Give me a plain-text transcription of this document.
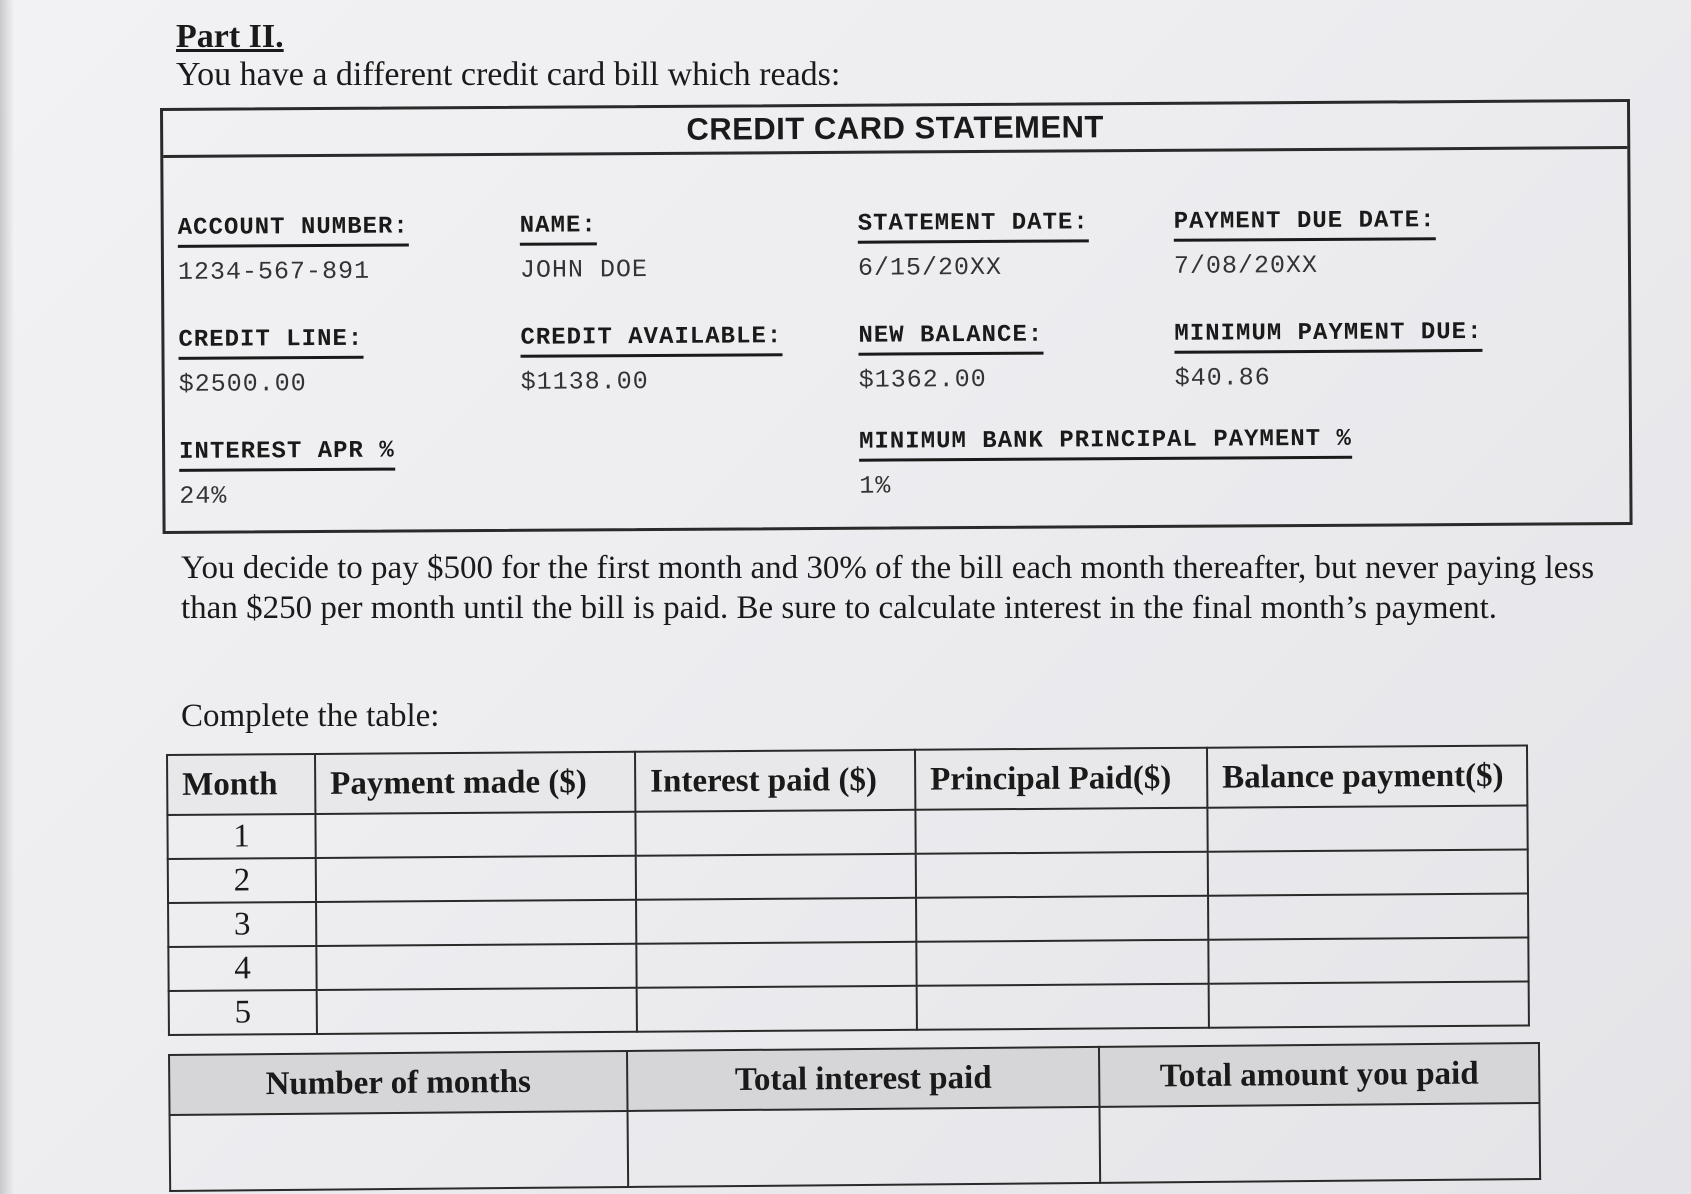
Part II.
You have a different credit card bill which reads:
CREDIT CARD STATEMENT
ACCOUNT NUMBER:
1234-567-891
NAME:
JOHN DOE
STATEMENT DATE:
6/15/20XX
PAYMENT DUE DATE:
7/08/20XX
CREDIT LINE:
$2500.00
CREDIT AVAILABLE:
$1138.00
NEW BALANCE:
$1362.00
MINIMUM PAYMENT DUE:
$40.86
INTEREST APR %
24%
MINIMUM BANK PRINCIPAL PAYMENT %
1%
You decide to pay $500 for the first month and 30% of the bill each month thereafter, but never paying less than $250 per month until the bill is paid. Be sure to calculate interest in the final month’s payment.
Complete the table:
Month	Payment made ($)	Interest paid ($)	Principal Paid($)	Balance payment($)
1				
2				
3				
4				
5				
Number of months	Total interest paid	Total amount you paid
